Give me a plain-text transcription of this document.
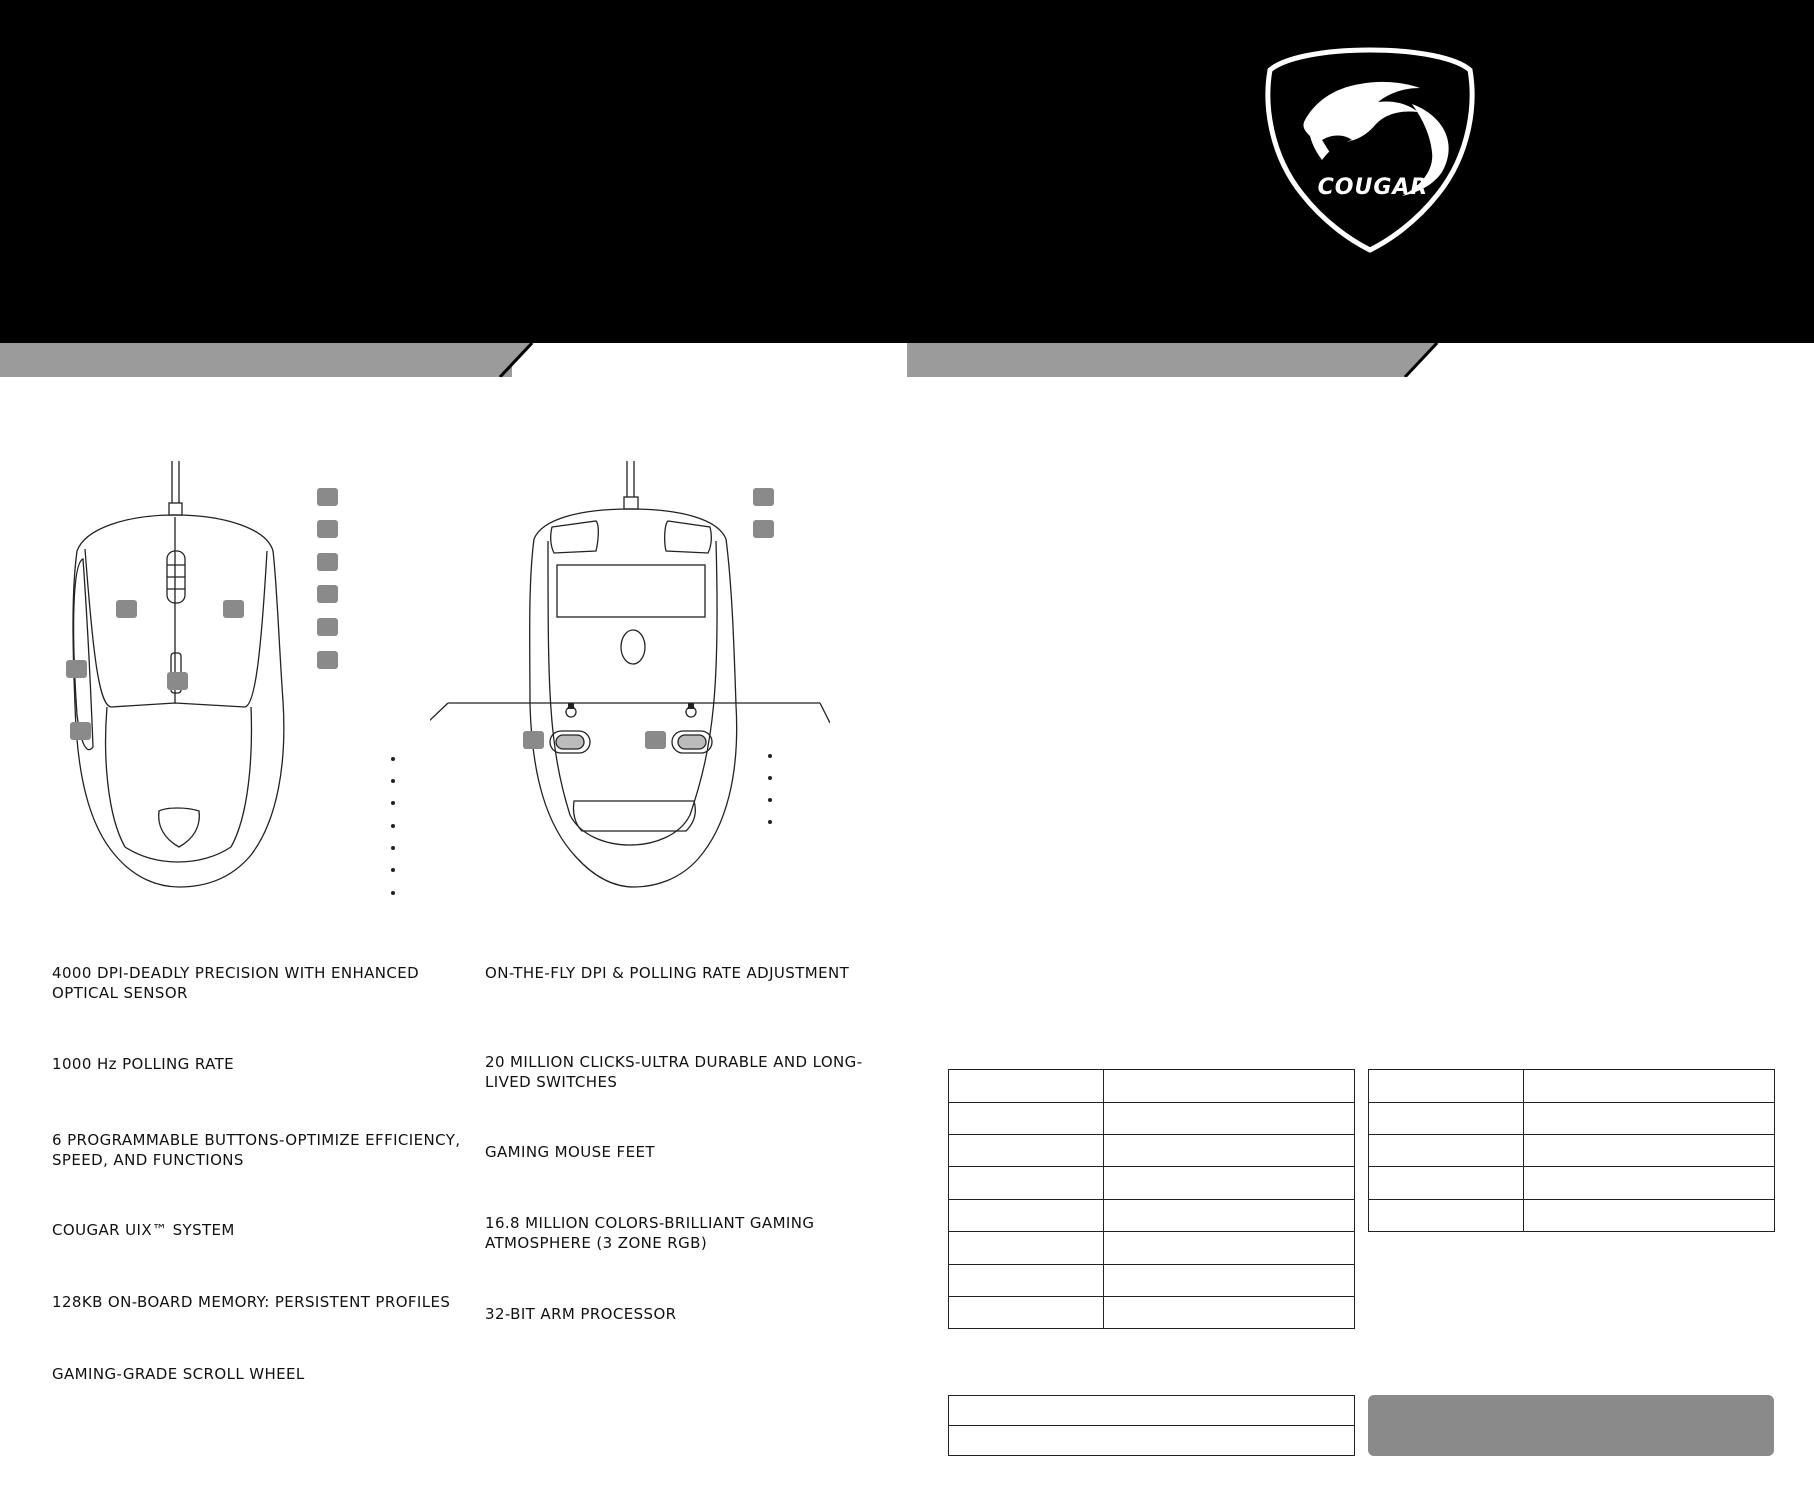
COUGAR
4000 DPI-DEADLY PRECISION WITH ENHANCED OPTICAL SENSOR
1000 Hz POLLING RATE
6 PROGRAMMABLE BUTTONS-OPTIMIZE EFFICIENCY, SPEED, AND FUNCTIONS
COUGAR UIX™ SYSTEM
128KB ON-BOARD MEMORY: PERSISTENT PROFILES
GAMING-GRADE SCROLL WHEEL
ON-THE-FLY DPI & POLLING RATE ADJUSTMENT
20 MILLION CLICKS-ULTRA DURABLE AND LONG-LIVED SWITCHES
GAMING MOUSE FEET
16.8 MILLION COLORS-BRILLIANT GAMING ATMOSPHERE (3 ZONE RGB)
32-BIT ARM PROCESSOR
